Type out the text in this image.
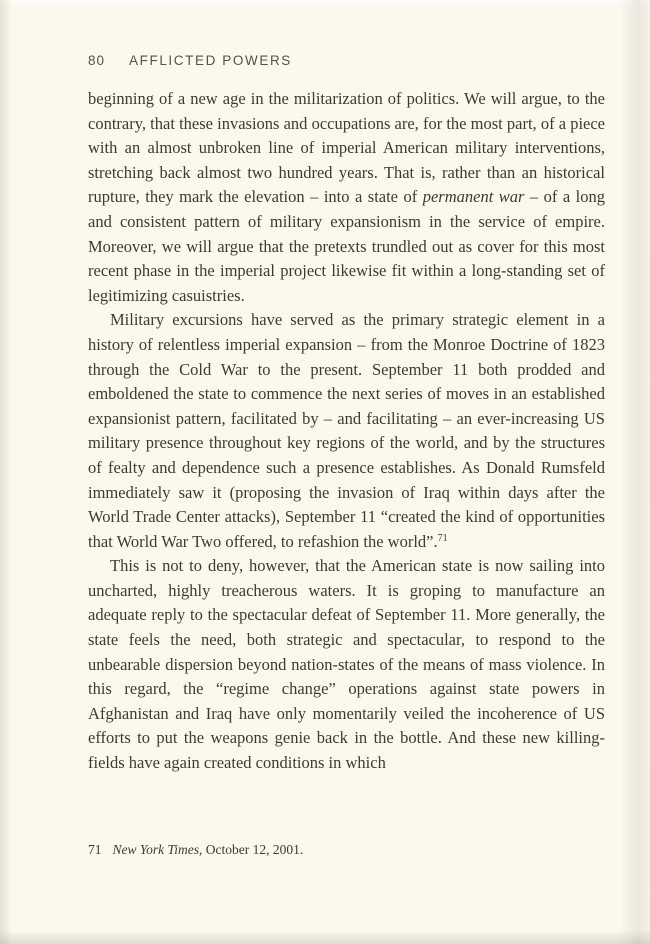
80 AFFLICTED POWERS

beginning of a new age in the militarization of politics. We will argue, to the contrary, that these invasions and occupations are, for the most part, of a piece with an almost unbroken line of imperial American military interventions, stretching back almost two hundred years. That is, rather than an historical rupture, they mark the elevation – into a state of permanent war – of a long and consistent pattern of military expansionism in the service of empire. Moreover, we will argue that the pretexts trundled out as cover for this most recent phase in the imperial project likewise fit within a long-standing set of legitimizing casuistries.

Military excursions have served as the primary strategic element in a history of relentless imperial expansion – from the Monroe Doctrine of 1823 through the Cold War to the present. September 11 both prodded and emboldened the state to commence the next series of moves in an established expansionist pattern, facilitated by – and facilitating – an ever-increasing US military presence throughout key regions of the world, and by the structures of fealty and dependence such a presence establishes. As Donald Rumsfeld immediately saw it (proposing the invasion of Iraq within days after the World Trade Center attacks), September 11 “created the kind of opportunities that World War Two offered, to refashion the world”.$^{71}$

This is not to deny, however, that the American state is now sailing into uncharted, highly treacherous waters. It is groping to manufacture an adequate reply to the spectacular defeat of September 11. More generally, the state feels the need, both strategic and spectacular, to respond to the unbearable dispersion beyond nation-states of the means of mass violence. In this regard, the “regime change” operations against state powers in Afghanistan and Iraq have only momentarily veiled the incoherence of US efforts to put the weapons genie back in the bottle. And these new killing-fields have again created conditions in which

71 New York Times, October 12, 2001.
